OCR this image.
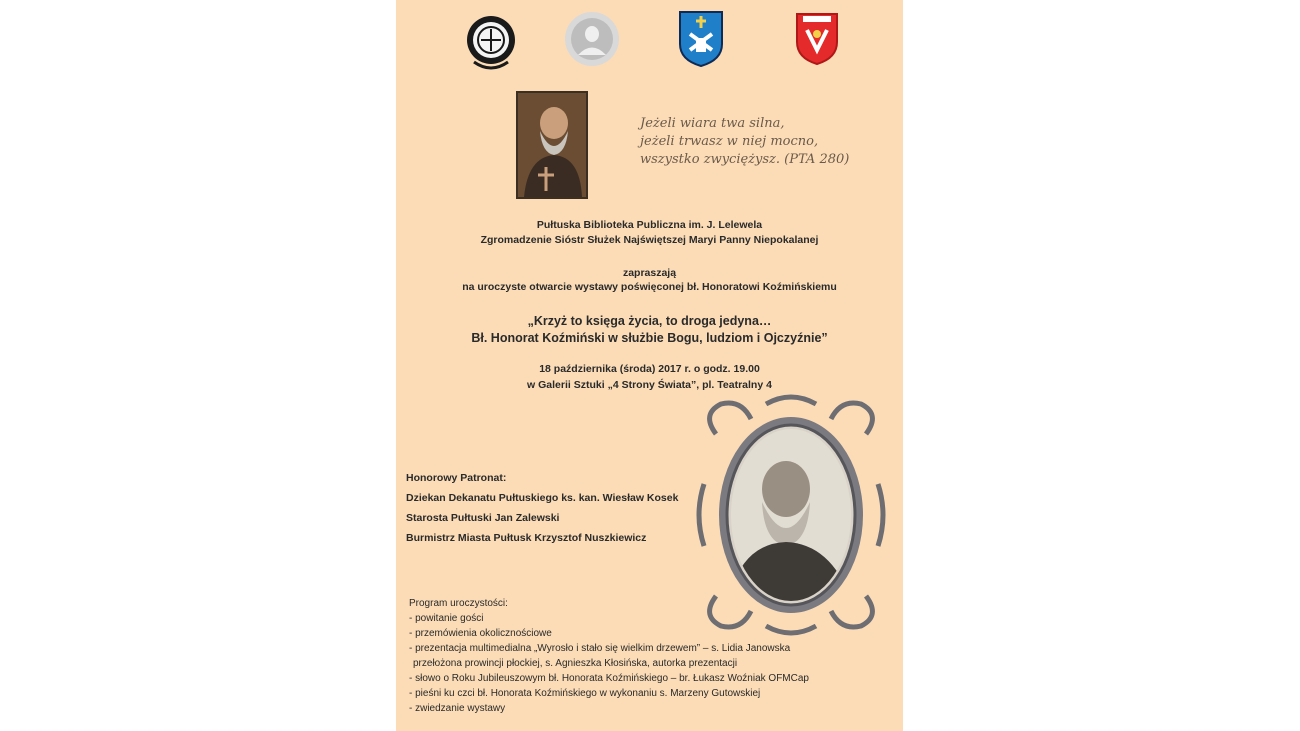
Jeżeli wiara twa silna,
jeżeli trwasz w niej mocno,
wszystko zwyciężysz. (PTA 280)
Pułtuska Biblioteka Publiczna im. J. Lelewela
Zgromadzenie Sióstr Służek Najświętszej Maryi Panny Niepokalanej
zapraszają
na uroczyste otwarcie wystawy poświęconej bł. Honoratowi Koźmińskiemu
„Krzyż to księga życia, to droga jedyna…
Bł. Honorat Koźmiński w służbie Bogu, ludziom i Ojczyźnie”
18 października (środa) 2017 r. o godz. 19.00
w Galerii Sztuki „4 Strony Świata”, pl. Teatralny 4
Honorowy Patronat:
Dziekan Dekanatu Pułtuskiego ks. kan. Wiesław Kosek
Starosta Pułtuski Jan Zalewski
Burmistrz Miasta Pułtusk Krzysztof Nuszkiewicz
Program uroczystości:
- powitanie gości
- przemówienia okolicznościowe
- prezentacja multimedialna „Wyrosło i stało się wielkim drzewem” – s. Lidia Janowska
przełożona prowincji płockiej, s. Agnieszka Kłosińska, autorka prezentacji
- słowo o Roku Jubileuszowym bł. Honorata Koźmińskiego – br. Łukasz Woźniak OFMCap
- pieśni ku czci bł. Honorata Koźmińskiego w wykonaniu s. Marzeny Gutowskiej
- zwiedzanie wystawy
